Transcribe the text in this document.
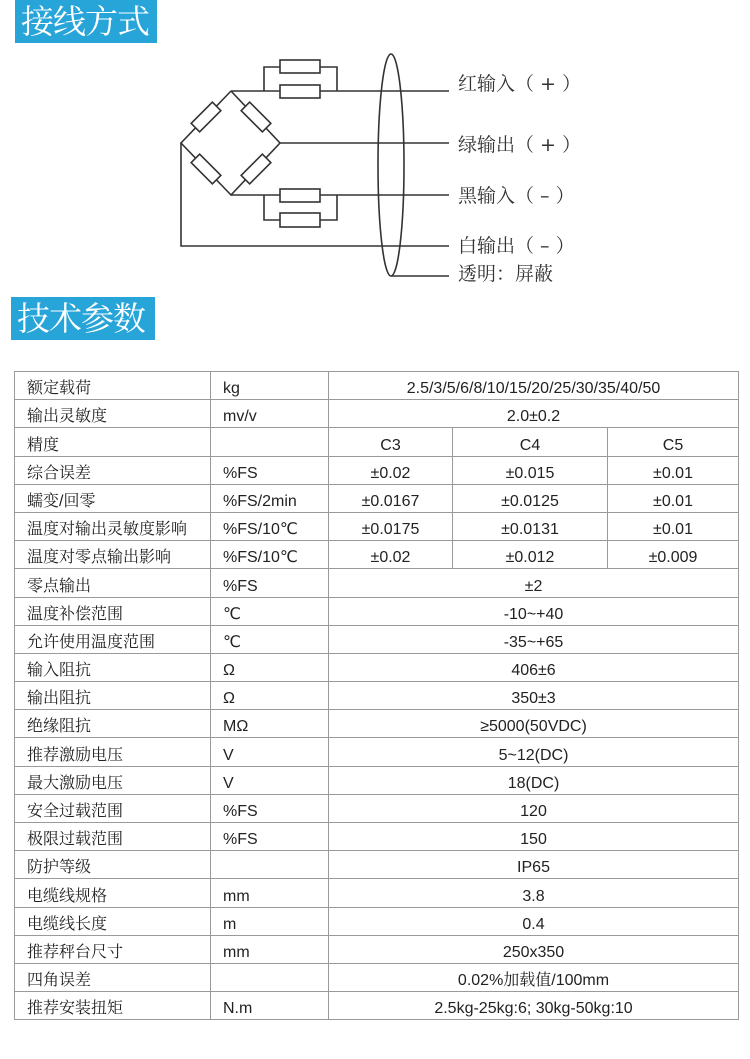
接线方式
红输入（ + ）
绿输出（ + ）
黑输入（ – ）
白输出（ – ）
透明：屏蔽
技术参数
额定载荷	kg	2.5/3/5/6/8/10/15/20/25/30/35/40/50		
输出灵敏度	mv/v	2.0±0.2		
精度		C3	C4	C5
综合误差	%FS	±0.02	±0.015	±0.01
蠕变/回零	%FS/2min	±0.0167	±0.0125	±0.01
温度对输出灵敏度影响	%FS/10℃	±0.0175	±0.0131	±0.01
温度对零点输出影响	%FS/10℃	±0.02	±0.012	±0.009
零点输出	%FS	±2		
温度补偿范围	℃	-10~+40		
允许使用温度范围	℃	-35~+65		
输入阻抗	Ω	406±6		
输出阻抗	Ω	350±3		
绝缘阻抗	MΩ	≥5000(50VDC)		
推荐激励电压	V	5~12(DC)		
最大激励电压	V	18(DC)		
安全过载范围	%FS	120		
极限过载范围	%FS	150		
防护等级		IP65		
电缆线规格	mm	3.8		
电缆线长度	m	0.4		
推荐秤台尺寸	mm	250x350		
四角误差		0.02%加载值/100mm		
推荐安装扭矩	N.m	2.5kg-25kg:6; 30kg-50kg:10		
